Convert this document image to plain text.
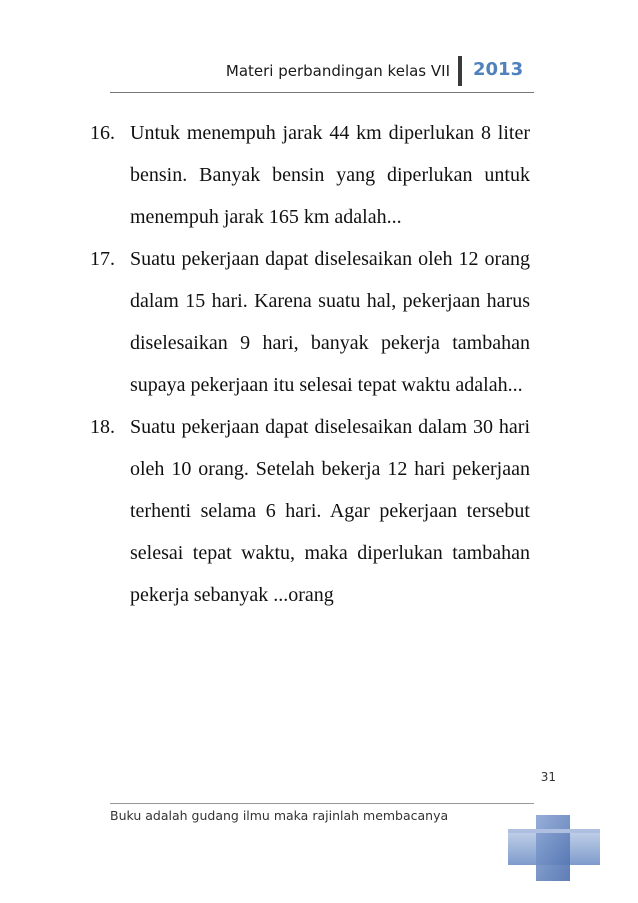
Materi perbandingan kelas VII 2013
16. Untuk menempuh jarak 44 km diperlukan 8 liter bensin. Banyak bensin yang diperlukan untuk menempuh jarak 165 km adalah...
17. Suatu pekerjaan dapat diselesaikan oleh 12 orang dalam 15 hari. Karena suatu hal, pekerjaan harus diselesaikan 9 hari, banyak pekerja tambahan supaya pekerjaan itu selesai tepat waktu adalah...
18. Suatu pekerjaan dapat diselesaikan dalam 30 hari oleh 10 orang. Setelah bekerja 12 hari pekerjaan terhenti selama 6 hari. Agar pekerjaan tersebut selesai tepat waktu, maka diperlukan tambahan pekerja sebanyak ...orang
31
Buku adalah gudang ilmu maka rajinlah membacanya
